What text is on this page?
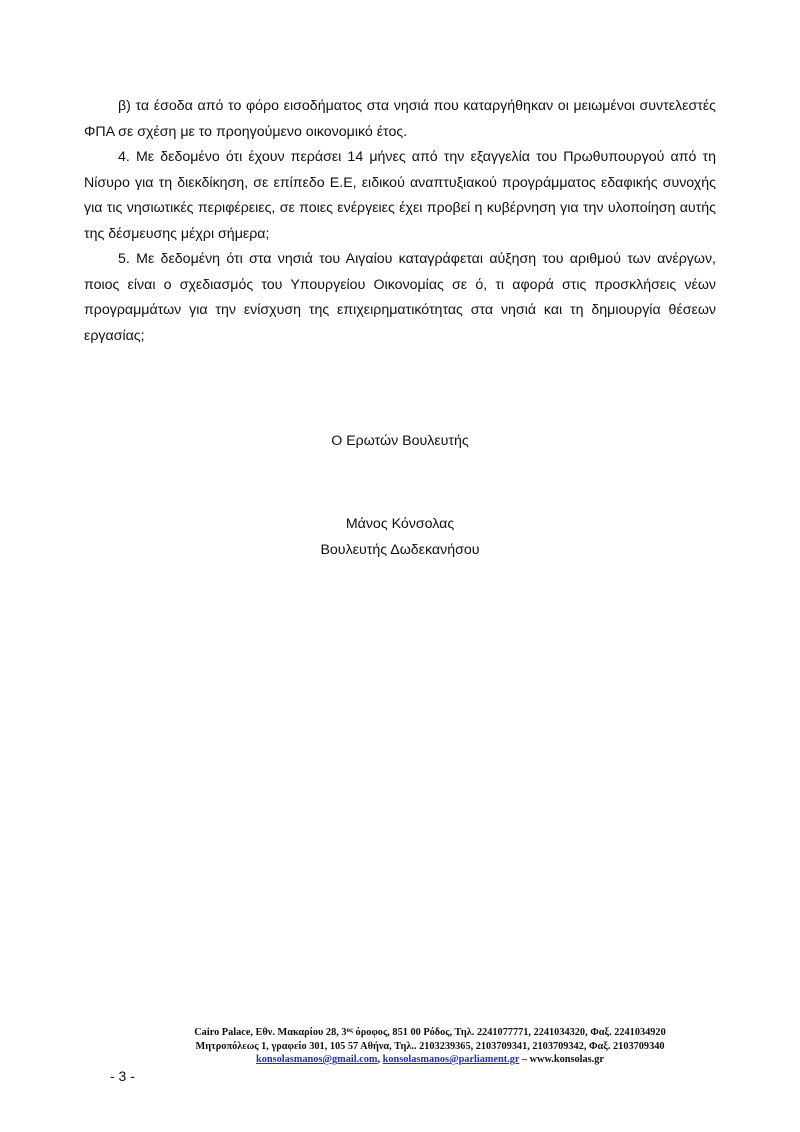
β) τα έσοδα από το φόρο εισοδήματος στα νησιά που καταργήθηκαν οι μειωμένοι συντελεστές ΦΠΑ σε σχέση με το προηγούμενο οικονομικό έτος.

4. Με δεδομένο ότι έχουν περάσει 14 μήνες από την εξαγγελία του Πρωθυπουργού από τη Νίσυρο για τη διεκδίκηση, σε επίπεδο Ε.Ε, ειδικού αναπτυξιακού προγράμματος εδαφικής συνοχής για τις νησιωτικές περιφέρειες, σε ποιες ενέργειες έχει προβεί η κυβέρνηση για την υλοποίηση αυτής της δέσμευσης μέχρι σήμερα;

5. Με δεδομένη ότι στα νησιά του Αιγαίου καταγράφεται αύξηση του αριθμού των ανέργων, ποιος είναι ο σχεδιασμός του Υπουργείου Οικονομίας σε ό, τι αφορά στις προσκλήσεις νέων προγραμμάτων για την ενίσχυση της επιχειρηματικότητας στα νησιά και τη δημιουργία θέσεων εργασίας;

Ο Ερωτών Βουλευτής
Μάνος Κόνσολας
Βουλευτής Δωδεκανήσου
Cairo Palace, Εθν. Μακαρίου 28, $3^{o\varsigma}$ όροφος, 851 00 Ρόδος, Τηλ. 2241077771, 2241034320, Φαξ. 2241034920
Μητροπόλεως 1, γραφείο 301, 105 57 Αθήνα, Τηλ.. 2103239365, 2103709341, 2103709342, Φαξ. 2103709340
konsolasmanos@gmail.com, konsolasmanos@parliament.gr – www.konsolas.gr
- 3 -
